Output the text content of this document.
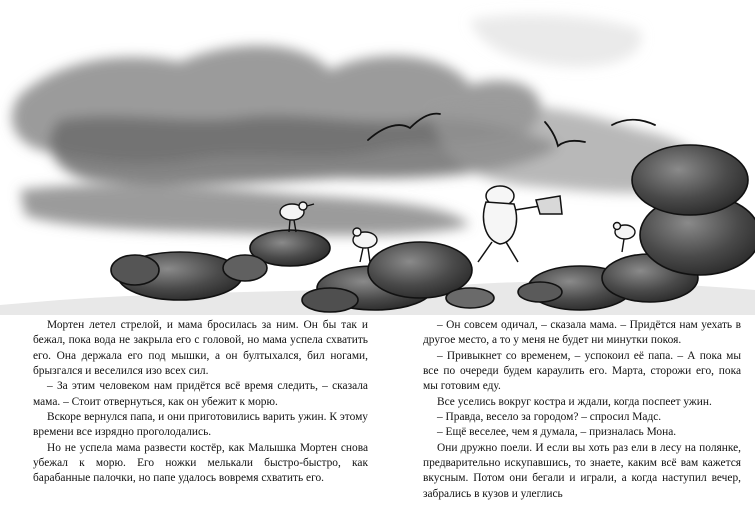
Мортен летел стрелой, и мама бросилась за ним. Он бы так и бежал, пока вода не закрыла его с головой, но мама успела схватить его. Она держала его под мышки, а он бултыхался, бил ногами, брызгался и веселился изо всех сил.

– За этим человеком нам придётся всё время следить, – сказала мама. – Стоит отвернуться, как он убежит к морю.

Вскоре вернулся папа, и они приготовились варить ужин. К этому времени все изрядно проголодались.

Но не успела мама развести костёр, как Малышка Мортен снова убежал к морю. Его ножки мелькали быстро-быстро, как барабанные палочки, но папе удалось вовремя схватить его.

– Он совсем одичал, – сказала мама. – Придётся нам уехать в другое место, а то у меня не будет ни минутки покоя.

– Привыкнет со временем, – успокоил её папа. – А пока мы все по очереди будем караулить его. Марта, сторожи его, пока мы готовим еду.

Все уселись вокруг костра и ждали, когда поспеет ужин.

– Правда, весело за городом? – спросил Мадс.

– Ещё веселее, чем я думала, – призналась Мона.

Они дружно поели. И если вы хоть раз ели в лесу на полянке, предварительно искупавшись, то знаете, каким всё вам кажется вкусным. Потом они бегали и играли, а когда наступил вечер, забрались в кузов и улеглись
